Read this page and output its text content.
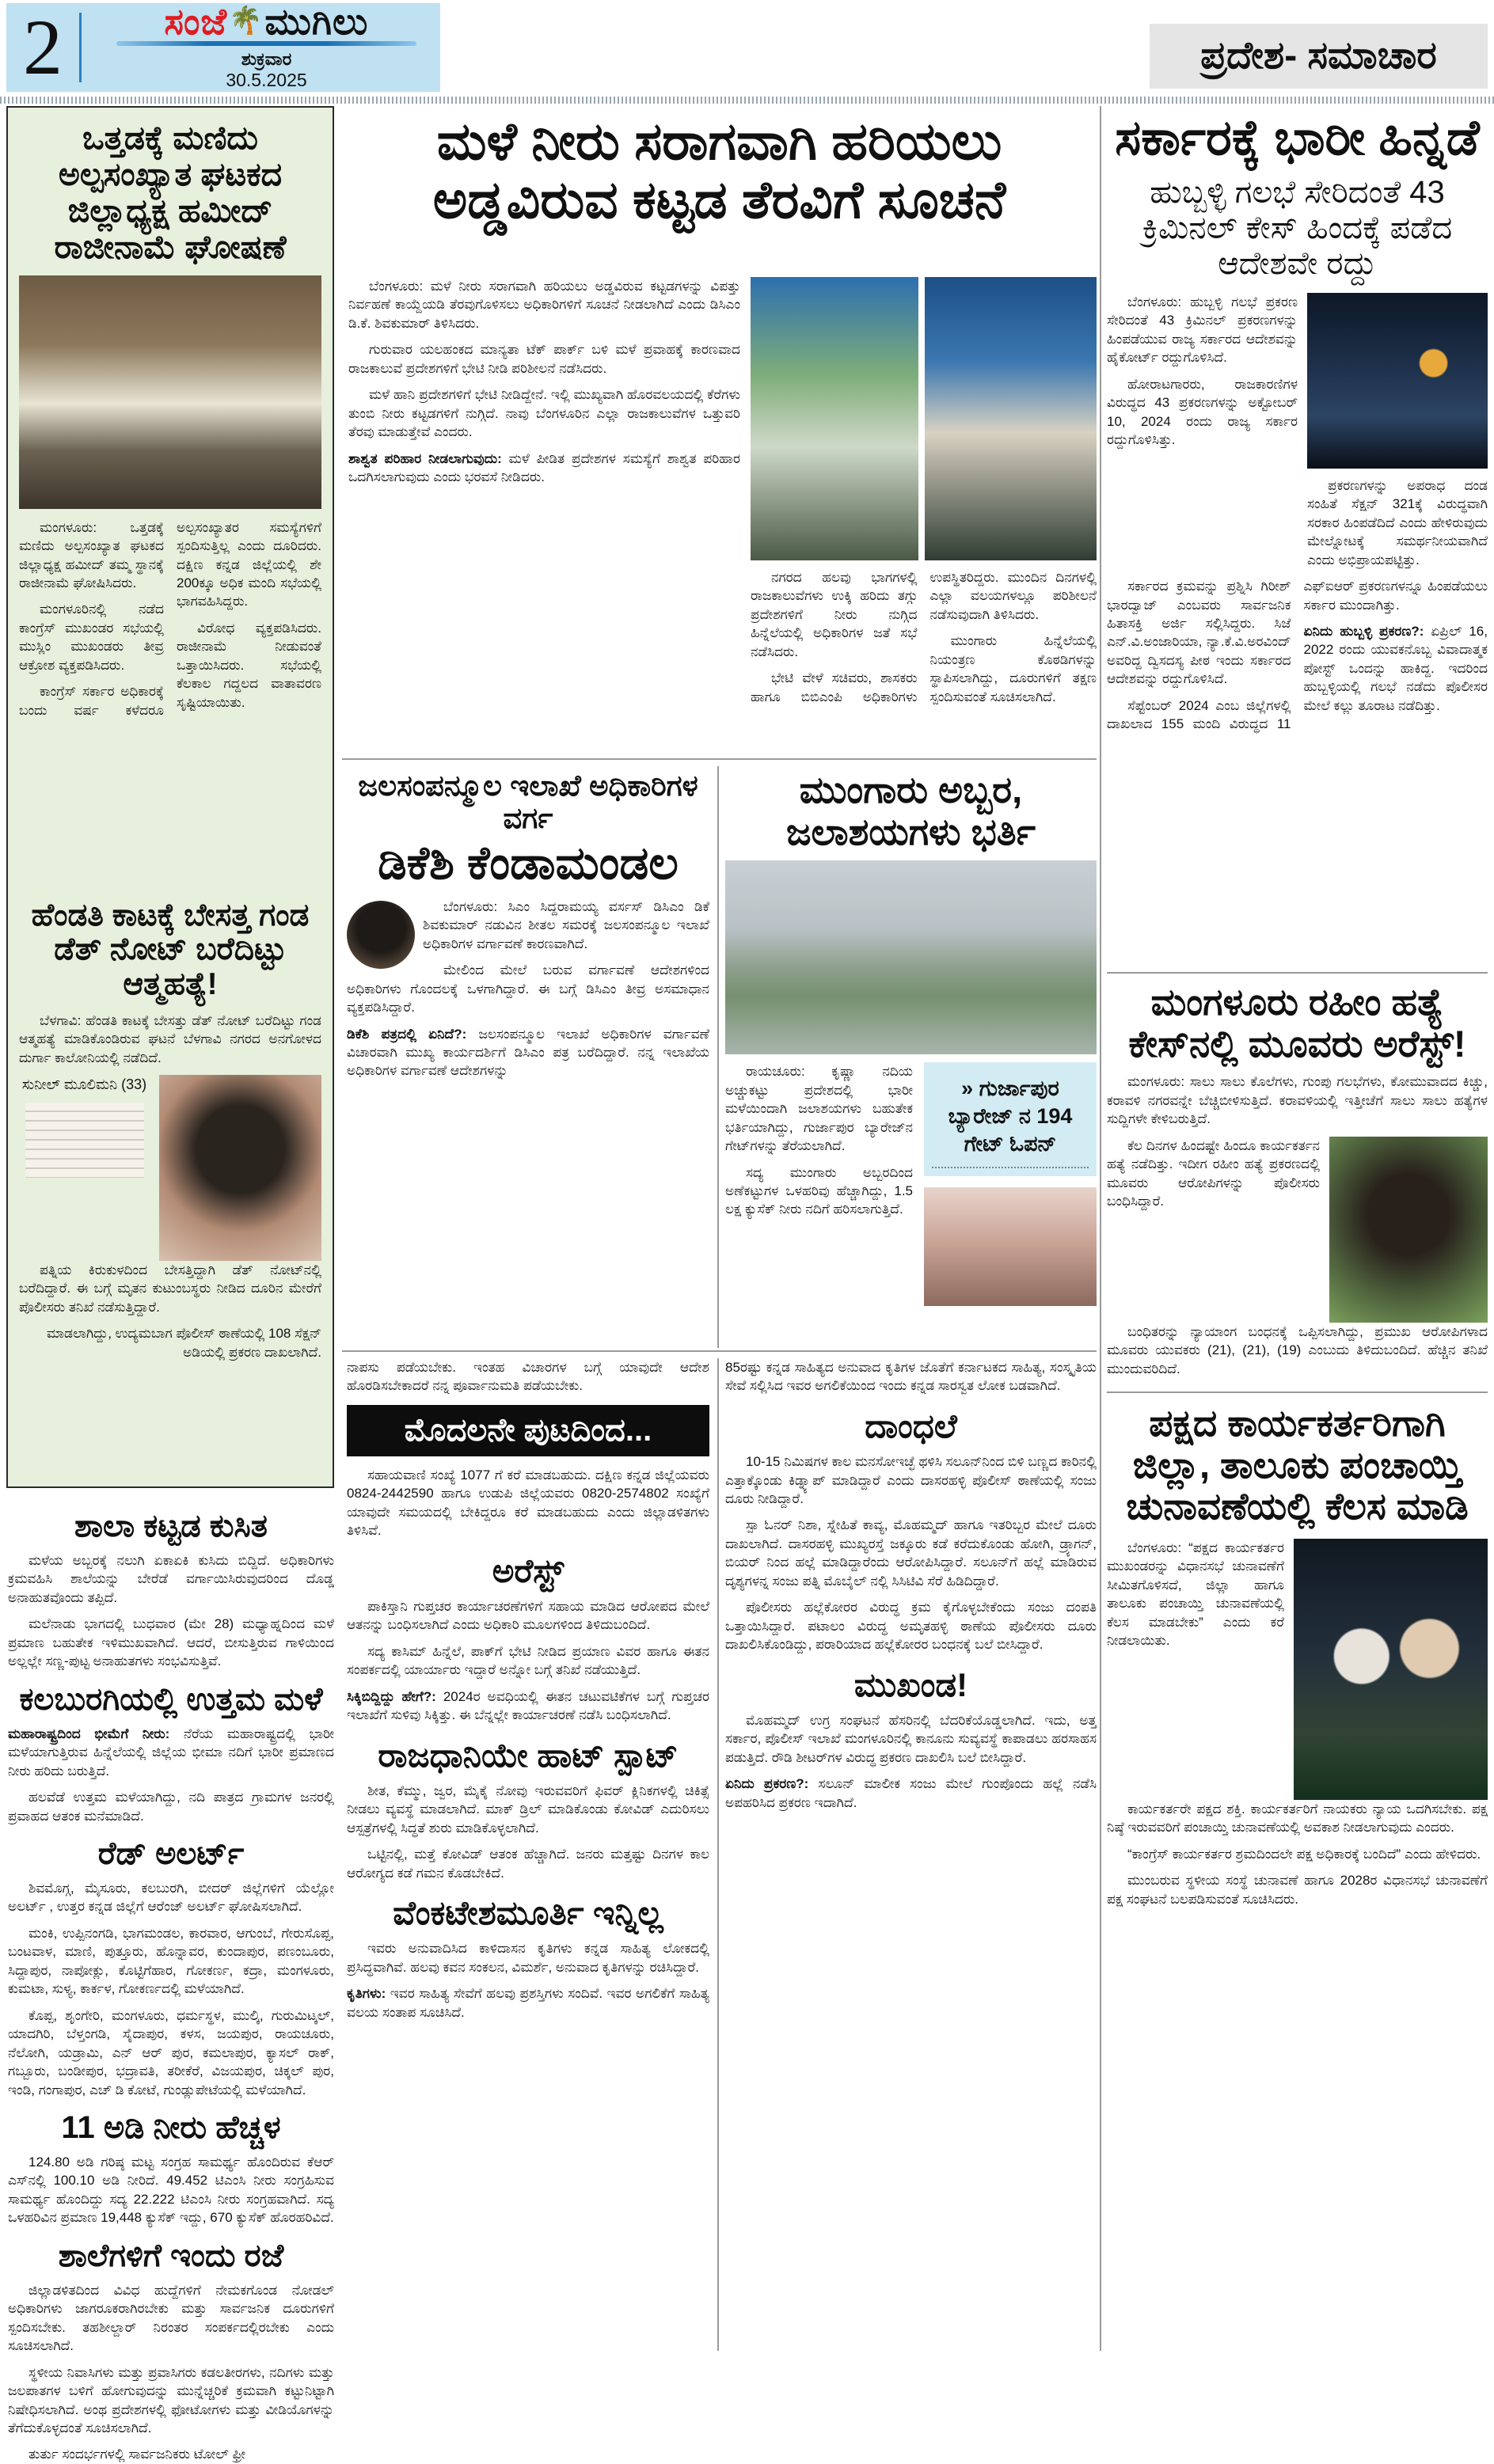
2	ಸಂಜೆ🌴ಮುಗಿಲು
ಶುಕ್ರವಾರ
30.5.2025
ಪ್ರದೇಶ- ಸಮಾಚಾರ
ಒತ್ತಡಕ್ಕೆ ಮಣಿದು ಅಲ್ಪಸಂಖ್ಯಾತ ಘಟಕದ ಜಿಲ್ಲಾಧ್ಯಕ್ಷ ಹಮೀದ್ ರಾಜೀನಾಮೆ ಘೋಷಣೆ

ಮಂಗಳೂರು: ಒತ್ತಡಕ್ಕೆ ಮಣಿದು ಅಲ್ಪಸಂಖ್ಯಾತ ಘಟಕದ ಜಿಲ್ಲಾಧ್ಯಕ್ಷ ಹಮೀದ್ ತಮ್ಮ ಸ್ಥಾನಕ್ಕೆ ರಾಜೀನಾಮೆ ಘೋಷಿಸಿದರು.

ಮಂಗಳೂರಿನಲ್ಲಿ ನಡೆದ ಕಾಂಗ್ರೆಸ್ ಮುಖಂಡರ ಸಭೆಯಲ್ಲಿ ಮುಸ್ಲಿಂ ಮುಖಂಡರು ತೀವ್ರ ಆಕ್ರೋಶ ವ್ಯಕ್ತಪಡಿಸಿದರು.

ಕಾಂಗ್ರೆಸ್ ಸರ್ಕಾರ ಅಧಿಕಾರಕ್ಕೆ ಬಂದು ವರ್ಷ ಕಳೆದರೂ ಅಲ್ಪಸಂಖ್ಯಾತರ ಸಮಸ್ಯೆಗಳಿಗೆ ಸ್ಪಂದಿಸುತ್ತಿಲ್ಲ ಎಂದು ದೂರಿದರು. ದಕ್ಷಿಣ ಕನ್ನಡ ಜಿಲ್ಲೆಯಲ್ಲಿ ಶೇ 200ಕ್ಕೂ ಅಧಿಕ ಮಂದಿ ಸಭೆಯಲ್ಲಿ ಭಾಗವಹಿಸಿದ್ದರು.

ವಿರೋಧ ವ್ಯಕ್ತಪಡಿಸಿದರು. ರಾಜೀನಾಮೆ ನೀಡುವಂತೆ ಒತ್ತಾಯಿಸಿದರು. ಸಭೆಯಲ್ಲಿ ಕೆಲಕಾಲ ಗದ್ದಲದ ವಾತಾವರಣ ಸೃಷ್ಟಿಯಾಯಿತು.

ಹೆಂಡತಿ ಕಾಟಕ್ಕೆ ಬೇಸತ್ತ ಗಂಡ ಡೆತ್ ನೋಟ್ ಬರೆದಿಟ್ಟು ಆತ್ಮಹತ್ಯೆ!

ಬೆಳಗಾವಿ: ಹೆಂಡತಿ ಕಾಟಕ್ಕೆ ಬೇಸತ್ತು ಡೆತ್ ನೋಟ್ ಬರೆದಿಟ್ಟು ಗಂಡ ಆತ್ಮಹತ್ಯೆ ಮಾಡಿಕೊಂಡಿರುವ ಘಟನೆ ಬೆಳಗಾವಿ ನಗರದ ಅನಗೋಳದ ದುರ್ಗಾ ಕಾಲೋನಿಯಲ್ಲಿ ನಡೆದಿದೆ.

ಸುನೀಲ್ ಮೂಲಿಮನಿ (33)

ಪತ್ನಿಯ ಕಿರುಕುಳದಿಂದ ಬೇಸತ್ತಿದ್ದಾಗಿ ಡೆತ್ ನೋಟ್‌ನಲ್ಲಿ ಬರೆದಿದ್ದಾರೆ. ಈ ಬಗ್ಗೆ ಮೃತನ ಕುಟುಂಬಸ್ಥರು ನೀಡಿದ ದೂರಿನ ಮೇರೆಗೆ ಪೊಲೀಸರು ತನಿಖೆ ನಡೆಸುತ್ತಿದ್ದಾರೆ.

ಮಾಡಲಾಗಿದ್ದು, ಉದ್ಯಮಬಾಗ ಪೊಲೀಸ್ ಠಾಣೆಯಲ್ಲಿ 108 ಸೆಕ್ಷನ್ ಅಡಿಯಲ್ಲಿ ಪ್ರಕರಣ ದಾಖಲಾಗಿದೆ.

ಮಳೆ ನೀರು ಸರಾಗವಾಗಿ ಹರಿಯಲು
ಅಡ್ಡವಿರುವ ಕಟ್ಟಡ ತೆರವಿಗೆ ಸೂಚನೆ

ಬೆಂಗಳೂರು: ಮಳೆ ನೀರು ಸರಾಗವಾಗಿ ಹರಿಯಲು ಅಡ್ಡವಿರುವ ಕಟ್ಟಡಗಳನ್ನು ವಿಪತ್ತು ನಿರ್ವಹಣೆ ಕಾಯ್ದೆಯಡಿ ತೆರವುಗೊಳಿಸಲು ಅಧಿಕಾರಿಗಳಿಗೆ ಸೂಚನೆ ನೀಡಲಾಗಿದೆ ಎಂದು ಡಿಸಿಎಂ ಡಿ.ಕೆ. ಶಿವಕುಮಾರ್ ತಿಳಿಸಿದರು.

ಗುರುವಾರ ಯಲಹಂಕದ ಮಾನ್ಯತಾ ಟೆಕ್ ಪಾರ್ಕ್ ಬಳಿ ಮಳೆ ಪ್ರವಾಹಕ್ಕೆ ಕಾರಣವಾದ ರಾಜಕಾಲುವೆ ಪ್ರದೇಶಗಳಿಗೆ ಭೇಟಿ ನೀಡಿ ಪರಿಶೀಲನೆ ನಡೆಸಿದರು.

ಮಳೆ ಹಾನಿ ಪ್ರದೇಶಗಳಿಗೆ ಭೇಟಿ ನೀಡಿದ್ದೇನೆ. ಇಲ್ಲಿ ಮುಖ್ಯವಾಗಿ ಹೊರವಲಯದಲ್ಲಿ ಕೆರೆಗಳು ತುಂಬಿ ನೀರು ಕಟ್ಟಡಗಳಿಗೆ ನುಗ್ಗಿದೆ. ನಾವು ಬೆಂಗಳೂರಿನ ಎಲ್ಲಾ ರಾಜಕಾಲುವೆಗಳ ಒತ್ತುವರಿ ತೆರವು ಮಾಡುತ್ತೇವೆ ಎಂದರು.

ಶಾಶ್ವತ ಪರಿಹಾರ ನೀಡಲಾಗುವುದು: ಮಳೆ ಪೀಡಿತ ಪ್ರದೇಶಗಳ ಸಮಸ್ಯೆಗೆ ಶಾಶ್ವತ ಪರಿಹಾರ ಒದಗಿಸಲಾಗುವುದು ಎಂದು ಭರವಸೆ ನೀಡಿದರು.

ನಗರದ ಹಲವು ಭಾಗಗಳಲ್ಲಿ ರಾಜಕಾಲುವೆಗಳು ಉಕ್ಕಿ ಹರಿದು ತಗ್ಗು ಪ್ರದೇಶಗಳಿಗೆ ನೀರು ನುಗ್ಗಿದ ಹಿನ್ನೆಲೆಯಲ್ಲಿ ಅಧಿಕಾರಿಗಳ ಜತೆ ಸಭೆ ನಡೆಸಿದರು.

ಭೇಟಿ ವೇಳೆ ಸಚಿವರು, ಶಾಸಕರು ಹಾಗೂ ಬಿಬಿಎಂಪಿ ಅಧಿಕಾರಿಗಳು ಉಪಸ್ಥಿತರಿದ್ದರು. ಮುಂದಿನ ದಿನಗಳಲ್ಲಿ ಎಲ್ಲಾ ವಲಯಗಳಲ್ಲೂ ಪರಿಶೀಲನೆ ನಡೆಸುವುದಾಗಿ ತಿಳಿಸಿದರು.

ಮುಂಗಾರು ಹಿನ್ನೆಲೆಯಲ್ಲಿ ನಿಯಂತ್ರಣ ಕೊಠಡಿಗಳನ್ನು ಸ್ಥಾಪಿಸಲಾಗಿದ್ದು, ದೂರುಗಳಿಗೆ ತಕ್ಷಣ ಸ್ಪಂದಿಸುವಂತೆ ಸೂಚಿಸಲಾಗಿದೆ.

ಜಲಸಂಪನ್ಮೂಲ ಇಲಾಖೆ ಅಧಿಕಾರಿಗಳ ವರ್ಗ
ಡಿಕೆಶಿ ಕೆಂಡಾಮಂಡಲ

ಬೆಂಗಳೂರು: ಸಿಎಂ ಸಿದ್ದರಾಮಯ್ಯ ವರ್ಸಸ್ ಡಿಸಿಎಂ ಡಿಕೆ ಶಿವಕುಮಾರ್ ನಡುವಿನ ಶೀತಲ ಸಮರಕ್ಕೆ ಜಲಸಂಪನ್ಮೂಲ ಇಲಾಖೆ ಅಧಿಕಾರಿಗಳ ವರ್ಗಾವಣೆ ಕಾರಣವಾಗಿದೆ.

ಮೇಲಿಂದ ಮೇಲೆ ಬರುವ ವರ್ಗಾವಣೆ ಆದೇಶಗಳಿಂದ ಅಧಿಕಾರಿಗಳು ಗೊಂದಲಕ್ಕೆ ಒಳಗಾಗಿದ್ದಾರೆ. ಈ ಬಗ್ಗೆ ಡಿಸಿಎಂ ತೀವ್ರ ಅಸಮಾಧಾನ ವ್ಯಕ್ತಪಡಿಸಿದ್ದಾರೆ.

ಡಿಕೆಶಿ ಪತ್ರದಲ್ಲಿ ಏನಿದೆ?: ಜಲಸಂಪನ್ಮೂಲ ಇಲಾಖೆ ಅಧಿಕಾರಿಗಳ ವರ್ಗಾವಣೆ ವಿಚಾರವಾಗಿ ಮುಖ್ಯ ಕಾರ್ಯದರ್ಶಿಗೆ ಡಿಸಿಎಂ ಪತ್ರ ಬರೆದಿದ್ದಾರೆ. ನನ್ನ ಇಲಾಖೆಯ ಅಧಿಕಾರಿಗಳ ವರ್ಗಾವಣೆ ಆದೇಶಗಳನ್ನು

ಮುಂಗಾರು ಅಬ್ಬರ,
ಜಲಾಶಯಗಳು ಭರ್ತಿ

ರಾಯಚೂರು: ಕೃಷ್ಣಾ ನದಿಯ ಅಚ್ಚುಕಟ್ಟು ಪ್ರದೇಶದಲ್ಲಿ ಭಾರೀ ಮಳೆಯಿಂದಾಗಿ ಜಲಾಶಯಗಳು ಬಹುತೇಕ ಭರ್ತಿಯಾಗಿದ್ದು, ಗುರ್ಜಾಪುರ ಬ್ಯಾರೇಜ್‌ನ ಗೇಟ್‌ಗಳನ್ನು ತೆರೆಯಲಾಗಿದೆ.

ಸದ್ಯ ಮುಂಗಾರು ಅಬ್ಬರದಿಂದ ಅಣೆಕಟ್ಟುಗಳ ಒಳಹರಿವು ಹೆಚ್ಚಾಗಿದ್ದು, 1.5 ಲಕ್ಷ ಕ್ಯುಸೆಕ್ ನೀರು ನದಿಗೆ ಹರಿಸಲಾಗುತ್ತಿದೆ.

» ಗುರ್ಜಾಪುರ ಬ್ಯಾರೇಜ್ ನ 194 ಗೇಟ್ ಓಪನ್

ನಾಪಸು ಪಡೆಯಬೇಕು. ಇಂತಹ ವಿಚಾರಗಳ ಬಗ್ಗೆ ಯಾವುದೇ ಆದೇಶ ಹೊರಡಿಸಬೇಕಾದರೆ ನನ್ನ ಪೂರ್ವಾನುಮತಿ ಪಡೆಯಬೇಕು.

ಮೊದಲನೇ ಪುಟದಿಂದ...

ಸಹಾಯವಾಣಿ ಸಂಖ್ಯೆ 1077 ಗೆ ಕರೆ ಮಾಡಬಹುದು. ದಕ್ಷಿಣ ಕನ್ನಡ ಜಿಲ್ಲೆಯವರು 0824-2442590 ಹಾಗೂ ಉಡುಪಿ ಜಿಲ್ಲೆಯವರು 0820-2574802 ಸಂಖ್ಯೆಗೆ ಯಾವುದೇ ಸಮಯದಲ್ಲಿ ಬೇಕಿದ್ದರೂ ಕರೆ ಮಾಡಬಹುದು ಎಂದು ಜಿಲ್ಲಾಡಳಿತಗಳು ತಿಳಿಸಿವೆ.

ಅರೆಸ್ಟ್

ಪಾಕಿಸ್ತಾನಿ ಗುಪ್ತಚರ ಕಾರ್ಯಾಚರಣೆಗಳಿಗೆ ಸಹಾಯ ಮಾಡಿದ ಆರೋಪದ ಮೇಲೆ ಆತನನ್ನು ಬಂಧಿಸಲಾಗಿದೆ ಎಂದು ಅಧಿಕಾರಿ ಮೂಲಗಳಿಂದ ತಿಳಿದುಬಂದಿದೆ.

ಸದ್ಯ ಕಾಸಿಮ್ ಹಿನ್ನೆಲೆ, ಪಾಕ್‌ಗೆ ಭೇಟಿ ನೀಡಿದ ಪ್ರಯಾಣ ವಿವರ ಹಾಗೂ ಈತನ ಸಂಪರ್ಕದಲ್ಲಿ ಯಾರ್ಯಾರು ಇದ್ದಾರೆ ಅನ್ನೋ ಬಗ್ಗೆ ತನಿಖೆ ನಡೆಯುತ್ತಿದೆ.

ಸಿಕ್ಕಿಬಿದ್ದಿದ್ದು ಹೇಗೆ?: 2024ರ ಅವಧಿಯಲ್ಲಿ ಈತನ ಚಟುವಟಿಕೆಗಳ ಬಗ್ಗೆ ಗುಪ್ತಚರ ಇಲಾಖೆಗೆ ಸುಳಿವು ಸಿಕ್ಕಿತ್ತು. ಈ ಬೆನ್ನಲ್ಲೇ ಕಾರ್ಯಾಚರಣೆ ನಡೆಸಿ ಬಂಧಿಸಲಾಗಿದೆ.

ರಾಜಧಾನಿಯೇ ಹಾಟ್ ಸ್ಪಾಟ್

ಶೀತ, ಕೆಮ್ಮು, ಜ್ವರ, ಮೈಕೈ ನೋವು ಇರುವವರಿಗೆ ಫಿವರ್ ಕ್ಲಿನಿಕಗಳಲ್ಲಿ ಚಿಕಿತ್ಸೆ ನೀಡಲು ವ್ಯವಸ್ಥೆ ಮಾಡಲಾಗಿದೆ. ಮಾಕ್ ಡ್ರಿಲ್ ಮಾಡಿಕೊಂಡು ಕೋವಿಡ್ ಎದುರಿಸಲು ಆಸ್ಪತ್ರೆಗಳಲ್ಲಿ ಸಿದ್ಧತೆ ಶುರು ಮಾಡಿಕೊಳ್ಳಲಾಗಿದೆ.

ಒಟ್ಟಿನಲ್ಲಿ, ಮತ್ತೆ ಕೋವಿಡ್ ಆತಂಕ ಹೆಚ್ಚಾಗಿದೆ. ಜನರು ಮತ್ತಷ್ಟು ದಿನಗಳ ಕಾಲ ಆರೋಗ್ಯದ ಕಡೆ ಗಮನ ಕೊಡಬೇಕಿದೆ.

ವೆಂಕಟೇಶಮೂರ್ತಿ ಇನ್ನಿಲ್ಲ

ಇವರು ಅನುವಾದಿಸಿದ ಕಾಳಿದಾಸನ ಕೃತಿಗಳು ಕನ್ನಡ ಸಾಹಿತ್ಯ ಲೋಕದಲ್ಲಿ ಪ್ರಸಿದ್ಧವಾಗಿವೆ. ಹಲವು ಕವನ ಸಂಕಲನ, ವಿಮರ್ಶೆ, ಅನುವಾದ ಕೃತಿಗಳನ್ನು ರಚಿಸಿದ್ದಾರೆ.

ಕೃತಿಗಳು: ಇವರ ಸಾಹಿತ್ಯ ಸೇವೆಗೆ ಹಲವು ಪ್ರಶಸ್ತಿಗಳು ಸಂದಿವೆ. ಇವರ ಅಗಲಿಕೆಗೆ ಸಾಹಿತ್ಯ ವಲಯ ಸಂತಾಪ ಸೂಚಿಸಿದೆ.

85ರಷ್ಟು ಕನ್ನಡ ಸಾಹಿತ್ಯದ ಅನುವಾದ ಕೃತಿಗಳ ಜೊತೆಗೆ ಕರ್ನಾಟಕದ ಸಾಹಿತ್ಯ, ಸಂಸ್ಕೃತಿಯ ಸೇವೆ ಸಲ್ಲಿಸಿದ ಇವರ ಅಗಲಿಕೆಯಿಂದ ಇಂದು ಕನ್ನಡ ಸಾರಸ್ವತ ಲೋಕ ಬಡವಾಗಿದೆ.

ದಾಂಧಲೆ

10-15 ನಿಮಿಷಗಳ ಕಾಲ ಮನಸೋಇಚ್ಛೆ ಥಳಿಸಿ ಸಲೂನ್‌ನಿಂದ ಬಿಳಿ ಬಣ್ಣದ ಕಾರಿನಲ್ಲಿ ಎತ್ತಾಕ್ಕೊಂಡು ಕಿಡ್ನ್ಯಾಪ್ ಮಾಡಿದ್ದಾರೆ ಎಂದು ದಾಸರಹಳ್ಳಿ ಪೊಲೀಸ್ ಠಾಣೆಯಲ್ಲಿ ಸಂಜು ದೂರು ನೀಡಿದ್ದಾರೆ.

ಸ್ಪಾ ಓನರ್ ನಿಶಾ, ಸ್ನೇಹಿತೆ ಕಾವ್ಯ, ಮೊಹಮ್ಮದ್ ಹಾಗೂ ಇತರಿಬ್ಬರ ಮೇಲೆ ದೂರು ದಾಖಲಾಗಿದೆ. ದಾಸರಹಳ್ಳಿ ಮುಖ್ಯರಸ್ತೆ ಜಕ್ಕೂರು ಕಡೆ ಕರೆದುಕೊಂಡು ಹೋಗಿ, ಡ್ರ್ಯಾಗನ್, ಬಿಯರ್ ನಿಂದ ಹಲ್ಲೆ ಮಾಡಿದ್ದಾರೆಂದು ಆರೋಪಿಸಿದ್ದಾರೆ. ಸಲೂನ್‌ಗೆ ಹಲ್ಲೆ ಮಾಡಿರುವ ದೃಶ್ಯಗಳನ್ನ ಸಂಜು ಪತ್ನಿ ಮೊಬೈಲ್ ನಲ್ಲಿ ಸಿಸಿಟಿವಿ ಸೆರೆ ಹಿಡಿದಿದ್ದಾರೆ.

ಪೊಲೀಸರು ಹಲ್ಲೆಕೋರರ ವಿರುದ್ಧ ಕ್ರಮ ಕೈಗೊಳ್ಳಬೇಕೆಂದು ಸಂಜು ದಂಪತಿ ಒತ್ತಾಯಿಸಿದ್ದಾರೆ. ಪಟಾಲಂ ವಿರುದ್ಧ ಅಮೃತಹಳ್ಳಿ ಠಾಣೆಯ ಪೊಲೀಸರು ದೂರು ದಾಖಲಿಸಿಕೊಂಡಿದ್ದು, ಪರಾರಿಯಾದ ಹಲ್ಲೆಕೋರರ ಬಂಧನಕ್ಕೆ ಬಲೆ ಬೀಸಿದ್ದಾರೆ.

ಮುಖಂಡ!

ಮೊಹಮ್ಮದ್ ಉಗ್ರ ಸಂಘಟನೆ ಹೆಸರಿನಲ್ಲಿ ಬೆದರಿಕೆಯೊಡ್ಡಲಾಗಿದೆ. ಇದು, ಅತ್ತ ಸರ್ಕಾರ, ಪೊಲೀಸ್ ಇಲಾಖೆ ಮಂಗಳೂರಿನಲ್ಲಿ ಕಾನೂನು ಸುವ್ಯವಸ್ಥೆ ಕಾಪಾಡಲು ಹರಸಾಹಸ ಪಡುತ್ತಿದೆ. ರೌಡಿ ಶೀಟರ್‌ಗಳ ವಿರುದ್ಧ ಪ್ರಕರಣ ದಾಖಲಿಸಿ ಬಲೆ ಬೀಸಿದ್ದಾರೆ.

ಏನಿದು ಪ್ರಕರಣ?: ಸಲೂನ್ ಮಾಲೀಕ ಸಂಜು ಮೇಲೆ ಗುಂಪೊಂದು ಹಲ್ಲೆ ನಡೆಸಿ ಅಪಹರಿಸಿದ ಪ್ರಕರಣ ಇದಾಗಿದೆ.

ಶಾಲಾ ಕಟ್ಟಡ ಕುಸಿತ

ಮಳೆಯ ಅಬ್ಬರಕ್ಕೆ ನಲುಗಿ ಏಕಾಏಕಿ ಕುಸಿದು ಬಿದ್ದಿದೆ. ಅಧಿಕಾರಿಗಳು ಕ್ರಮವಹಿಸಿ ಶಾಲೆಯನ್ನು ಬೇರೆಡೆ ವರ್ಗಾಯಿಸಿರುವುದರಿಂದ ದೊಡ್ಡ ಅನಾಹುತವೊಂದು ತಪ್ಪಿದೆ.

ಮಲೆನಾಡು ಭಾಗದಲ್ಲಿ ಬುಧವಾರ (ಮೇ 28) ಮಧ್ಯಾಹ್ನದಿಂದ ಮಳೆ ಪ್ರಮಾಣ ಬಹುತೇಕ ಇಳಿಮುಖವಾಗಿದೆ. ಆದರೆ, ಬೀಸುತ್ತಿರುವ ಗಾಳಿಯಿಂದ ಅಲ್ಲಲ್ಲೇ ಸಣ್ಣ-ಪುಟ್ಟ ಅನಾಹುತಗಳು ಸಂಭವಿಸುತ್ತಿವೆ.

ಕಲಬುರಗಿಯಲ್ಲಿ ಉತ್ತಮ ಮಳೆ

ಮಹಾರಾಷ್ಟ್ರದಿಂದ ಭೀಮೆಗೆ ನೀರು: ನೆರೆಯ ಮಹಾರಾಷ್ಟ್ರದಲ್ಲಿ ಭಾರೀ ಮಳೆಯಾಗುತ್ತಿರುವ ಹಿನ್ನೆಲೆಯಲ್ಲಿ ಜಿಲ್ಲೆಯ ಭೀಮಾ ನದಿಗೆ ಭಾರೀ ಪ್ರಮಾಣದ ನೀರು ಹರಿದು ಬರುತ್ತಿದೆ.

ಹಲವೆಡೆ ಉತ್ತಮ ಮಳೆಯಾಗಿದ್ದು, ನದಿ ಪಾತ್ರದ ಗ್ರಾಮಗಳ ಜನರಲ್ಲಿ ಪ್ರವಾಹದ ಆತಂಕ ಮನೆಮಾಡಿದೆ.

ರೆಡ್ ಅಲರ್ಟ್

ಶಿವಮೊಗ್ಗ, ಮೈಸೂರು, ಕಲಬುರಗಿ, ಬೀದರ್ ಜಿಲ್ಲೆಗಳಿಗೆ ಯೆಲ್ಲೋ ಅಲರ್ಟ್ , ಉತ್ತರ ಕನ್ನಡ ಜಿಲ್ಲೆಗೆ ಆರೆಂಜ್ ಅಲರ್ಟ್ ಘೋಷಿಸಲಾಗಿದೆ.

ಮಂಕಿ, ಉಪ್ಪಿನಂಗಡಿ, ಭಾಗಮಂಡಲ, ಕಾರವಾರ, ಆಗುಂಬೆ, ಗೇರುಸೊಪ್ಪ, ಬಂಟವಾಳ, ಮಾಣಿ, ಪುತ್ತೂರು, ಹೊನ್ನಾವರ, ಕುಂದಾಪುರ, ಪಣಂಬೂರು, ಸಿದ್ದಾಪುರ, ನಾಪೋಕ್ಲು, ಕೊಟ್ಟಿಗೆಹಾರ, ಗೋಕರ್ಣ, ಕದ್ರಾ, ಮಂಗಳೂರು, ಕುಮಟಾ, ಸುಳ್ಯ, ಕಾರ್ಕಳ, ಗೋಕರ್ಣದಲ್ಲಿ ಮಳೆಯಾಗಿದೆ.

ಕೊಪ್ಪ, ಶೃಂಗೇರಿ, ಮಂಗಳೂರು, ಧರ್ಮಸ್ಥಳ, ಮುಲ್ಕಿ, ಗುರುಮಿಟ್ಕಲ್, ಯಾದಗಿರಿ, ಬೆಳ್ತಂಗಡಿ, ಸೈದಾಪುರ, ಕಳಸ, ಜಯಪುರ, ರಾಯಚೂರು, ನೆಲೋಗಿ, ಯಡ್ರಾಮಿ, ಎನ್ ಆರ್ ಪುರ, ಕಮಲಾಪುರ, ಕ್ಯಾಸಲ್ ರಾಕ್, ಗಬ್ಬೂರು, ಬಂಡೀಪುರ, ಭದ್ರಾವತಿ, ತರೀಕೆರೆ, ವಿಜಯಪುರ, ಚಿಕ್ಕಲ್ ಪುರ, ಇಂಡಿ, ಗಂಗಾಪುರ, ಎಚ್ ಡಿ ಕೋಟೆ, ಗುಂಡ್ಲುಪೇಟೆಯಲ್ಲಿ ಮಳೆಯಾಗಿದೆ.

11 ಅಡಿ ನೀರು ಹೆಚ್ಚಳ

124.80 ಅಡಿ ಗರಿಷ್ಠ ಮಟ್ಟ ಸಂಗ್ರಹ ಸಾಮರ್ಥ್ಯ ಹೊಂದಿರುವ ಕೆಆರ್ ಎಸ್‌ನಲ್ಲಿ 100.10 ಅಡಿ ನೀರಿದೆ. 49.452 ಟಿಎಂಸಿ ನೀರು ಸಂಗ್ರಹಿಸುವ ಸಾಮರ್ಥ್ಯ ಹೊಂದಿದ್ದು ಸದ್ಯ 22.222 ಟಿಎಂಸಿ ನೀರು ಸಂಗ್ರಹವಾಗಿದೆ. ಸದ್ಯ ಒಳಹರಿವಿನ ಪ್ರಮಾಣ 19,448 ಕ್ಯುಸೆಕ್ ಇದ್ದು, 670 ಕ್ಯುಸೆಕ್ ಹೊರಹರಿವಿದೆ.

ಶಾಲೆಗಳಿಗೆ ಇಂದು ರಜೆ

ಜಿಲ್ಲಾಡಳಿತದಿಂದ ವಿವಿಧ ಹುದ್ದೆಗಳಿಗೆ ನೇಮಕಗೊಂಡ ನೋಡಲ್ ಅಧಿಕಾರಿಗಳು ಜಾಗರೂಕರಾಗಿರಬೇಕು ಮತ್ತು ಸಾರ್ವಜನಿಕ ದೂರುಗಳಿಗೆ ಸ್ಪಂದಿಸಬೇಕು. ತಹಶೀಲ್ದಾರ್ ನಿರಂತರ ಸಂಪರ್ಕದಲ್ಲಿರಬೇಕು ಎಂದು ಸೂಚಿಸಲಾಗಿದೆ.

ಸ್ಥಳೀಯ ನಿವಾಸಿಗಳು ಮತ್ತು ಪ್ರವಾಸಿಗರು ಕಡಲತೀರಗಳು, ನದಿಗಳು ಮತ್ತು ಜಲಪಾತಗಳ ಬಳಿಗೆ ಹೋಗುವುದನ್ನು ಮುನ್ನೆಚ್ಚರಿಕೆ ಕ್ರಮವಾಗಿ ಕಟ್ಟುನಿಟ್ಟಾಗಿ ನಿಷೇಧಿಸಲಾಗಿದೆ. ಅಂಥ ಪ್ರದೇಶಗಳಲ್ಲಿ ಫೋಟೋಗಳು ಮತ್ತು ವೀಡಿಯೊಗಳನ್ನು ತೆಗೆದುಕೊಳ್ಳದಂತೆ ಸೂಚಿಸಲಾಗಿದೆ.

ತುರ್ತು ಸಂದರ್ಭಗಳಲ್ಲಿ ಸಾರ್ವಜನಿಕರು ಟೋಲ್ ಫ್ರೀ

ಸರ್ಕಾರಕ್ಕೆ ಭಾರೀ ಹಿನ್ನಡೆ
ಹುಬ್ಬಳ್ಳಿ ಗಲಭೆ ಸೇರಿದಂತೆ 43 ಕ್ರಿಮಿನಲ್ ಕೇಸ್ ಹಿಂದಕ್ಕೆ ಪಡೆದ ಆದೇಶವೇ ರದ್ದು

ಬೆಂಗಳೂರು: ಹುಬ್ಬಳ್ಳಿ ಗಲಭೆ ಪ್ರಕರಣ ಸೇರಿದಂತೆ 43 ಕ್ರಿಮಿನಲ್ ಪ್ರಕರಣಗಳನ್ನು ಹಿಂಪಡೆಯುವ ರಾಜ್ಯ ಸರ್ಕಾರದ ಆದೇಶವನ್ನು ಹೈಕೋರ್ಟ್ ರದ್ದುಗೊಳಿಸಿದೆ.

ಹೋರಾಟಗಾರರು, ರಾಜಕಾರಣಿಗಳ ವಿರುದ್ಧದ 43 ಪ್ರಕರಣಗಳನ್ನು ಅಕ್ಟೋಬರ್ 10, 2024 ರಂದು ರಾಜ್ಯ ಸರ್ಕಾರ ರದ್ದುಗೊಳಿಸಿತ್ತು.

ಪ್ರಕರಣಗಳನ್ನು ಅಪರಾಧ ದಂಡ ಸಂಹಿತೆ ಸೆಕ್ಷನ್ 321ಕ್ಕೆ ವಿರುದ್ಧವಾಗಿ ಸರಕಾರ ಹಿಂಪಡೆದಿದೆ ಎಂದು ಹೇಳಿರುವುದು ಮೇಲ್ನೋಟಕ್ಕೆ ಸಮರ್ಥನೀಯವಾಗಿದೆ ಎಂದು ಅಭಿಪ್ರಾಯಪಟ್ಟಿತ್ತು.

ಸರ್ಕಾರದ ಕ್ರಮವನ್ನು ಪ್ರಶ್ನಿಸಿ ಗಿರೀಶ್ ಭಾರದ್ವಾಜ್ ಎಂಬವರು ಸಾರ್ವಜನಿಕ ಹಿತಾಸಕ್ತಿ ಅರ್ಜಿ ಸಲ್ಲಿಸಿದ್ದರು. ಸಿಜೆ ಎನ್.ವಿ.ಅಂಜಾರಿಯಾ, ನ್ಯಾ.ಕೆ.ವಿ.ಅರವಿಂದ್ ಅವರಿದ್ದ ದ್ವಿಸದಸ್ಯ ಪೀಠ ಇಂದು ಸರ್ಕಾರದ ಆದೇಶವನ್ನು ರದ್ದುಗೊಳಿಸಿದೆ.

ಸೆಪ್ಟೆಂಬರ್ 2024 ಎಂಬ ಜಿಲ್ಲೆಗಳಲ್ಲಿ ದಾಖಲಾದ 155 ಮಂದಿ ವಿರುದ್ಧದ 11 ಎಫ್‌ಐಆರ್ ಪ್ರಕರಣಗಳನ್ನೂ ಹಿಂಪಡೆಯಲು ಸರ್ಕಾರ ಮುಂದಾಗಿತ್ತು.

ಏನಿದು ಹುಬ್ಬಳ್ಳಿ ಪ್ರಕರಣ?: ಏಪ್ರಿಲ್ 16, 2022 ರಂದು ಯುವಕನೊಬ್ಬ ವಿವಾದಾತ್ಮಕ ಪೋಸ್ಟ್ ಒಂದನ್ನು ಹಾಕಿದ್ದ. ಇದರಿಂದ ಹುಬ್ಬಳ್ಳಿಯಲ್ಲಿ ಗಲಭೆ ನಡೆದು ಪೊಲೀಸರ ಮೇಲೆ ಕಲ್ಲು ತೂರಾಟ ನಡೆದಿತ್ತು.

ಮಂಗಳೂರು ರಹೀಂ ಹತ್ಯೆ
ಕೇಸ್‌ನಲ್ಲಿ ಮೂವರು ಅರೆಸ್ಟ್!

ಮಂಗಳೂರು: ಸಾಲು ಸಾಲು ಕೊಲೆಗಳು, ಗುಂಪು ಗಲಭೆಗಳು, ಕೋಮುವಾದದ ಕಿಚ್ಚು, ಕರಾವಳಿ ನಗರವನ್ನೇ ಬೆಚ್ಚಿಬೀಳಿಸುತ್ತಿದೆ. ಕರಾವಳಿಯಲ್ಲಿ ಇತ್ತೀಚೆಗೆ ಸಾಲು ಸಾಲು ಹತ್ಯೆಗಳ ಸುದ್ದಿಗಳೇ ಕೇಳಿಬರುತ್ತಿದೆ.

ಕೆಲ ದಿನಗಳ ಹಿಂದಷ್ಟೇ ಹಿಂದೂ ಕಾರ್ಯಕರ್ತನ ಹತ್ಯೆ ನಡೆದಿತ್ತು. ಇದೀಗ ರಹೀಂ ಹತ್ಯೆ ಪ್ರಕರಣದಲ್ಲಿ ಮೂವರು ಆರೋಪಿಗಳನ್ನು ಪೊಲೀಸರು ಬಂಧಿಸಿದ್ದಾರೆ.

ಬಂಧಿತರನ್ನು ನ್ಯಾಯಾಂಗ ಬಂಧನಕ್ಕೆ ಒಪ್ಪಿಸಲಾಗಿದ್ದು, ಪ್ರಮುಖ ಆರೋಪಿಗಳಾದ ಮೂವರು ಯುವಕರು (21), (21), (19) ಎಂಬುದು ತಿಳಿದುಬಂದಿದೆ. ಹೆಚ್ಚಿನ ತನಿಖೆ ಮುಂದುವರಿದಿದೆ.

ಪಕ್ಷದ ಕಾರ್ಯಕರ್ತರಿಗಾಗಿ
ಜಿಲ್ಲಾ, ತಾಲೂಕು ಪಂಚಾಯ್ತಿ
ಚುನಾವಣೆಯಲ್ಲಿ ಕೆಲಸ ಮಾಡಿ

ಬೆಂಗಳೂರು: “ಪಕ್ಷದ ಕಾರ್ಯಕರ್ತರ ಮುಖಂಡರನ್ನು ವಿಧಾನಸಭೆ ಚುನಾವಣೆಗೆ ಸೀಮಿತಗೊಳಿಸದೆ, ಜಿಲ್ಲಾ ಹಾಗೂ ತಾಲೂಕು ಪಂಚಾಯ್ತಿ ಚುನಾವಣೆಯಲ್ಲಿ ಕೆಲಸ ಮಾಡಬೇಕು” ಎಂದು ಕರೆ ನೀಡಲಾಯಿತು.

ಕಾರ್ಯಕರ್ತರೇ ಪಕ್ಷದ ಶಕ್ತಿ. ಕಾರ್ಯಕರ್ತರಿಗೆ ನಾಯಕರು ನ್ಯಾಯ ಒದಗಿಸಬೇಕು. ಪಕ್ಷ ನಿಷ್ಠೆ ಇರುವವರಿಗೆ ಪಂಚಾಯ್ತಿ ಚುನಾವಣೆಯಲ್ಲಿ ಅವಕಾಶ ನೀಡಲಾಗುವುದು ಎಂದರು.

“ಕಾಂಗ್ರೆಸ್ ಕಾರ್ಯಕರ್ತರ ಶ್ರಮದಿಂದಲೇ ಪಕ್ಷ ಅಧಿಕಾರಕ್ಕೆ ಬಂದಿದೆ” ಎಂದು ಹೇಳಿದರು.

ಮುಂಬರುವ ಸ್ಥಳೀಯ ಸಂಸ್ಥೆ ಚುನಾವಣೆ ಹಾಗೂ 2028ರ ವಿಧಾನಸಭೆ ಚುನಾವಣೆಗೆ ಪಕ್ಷ ಸಂಘಟನೆ ಬಲಪಡಿಸುವಂತೆ ಸೂಚಿಸಿದರು.
